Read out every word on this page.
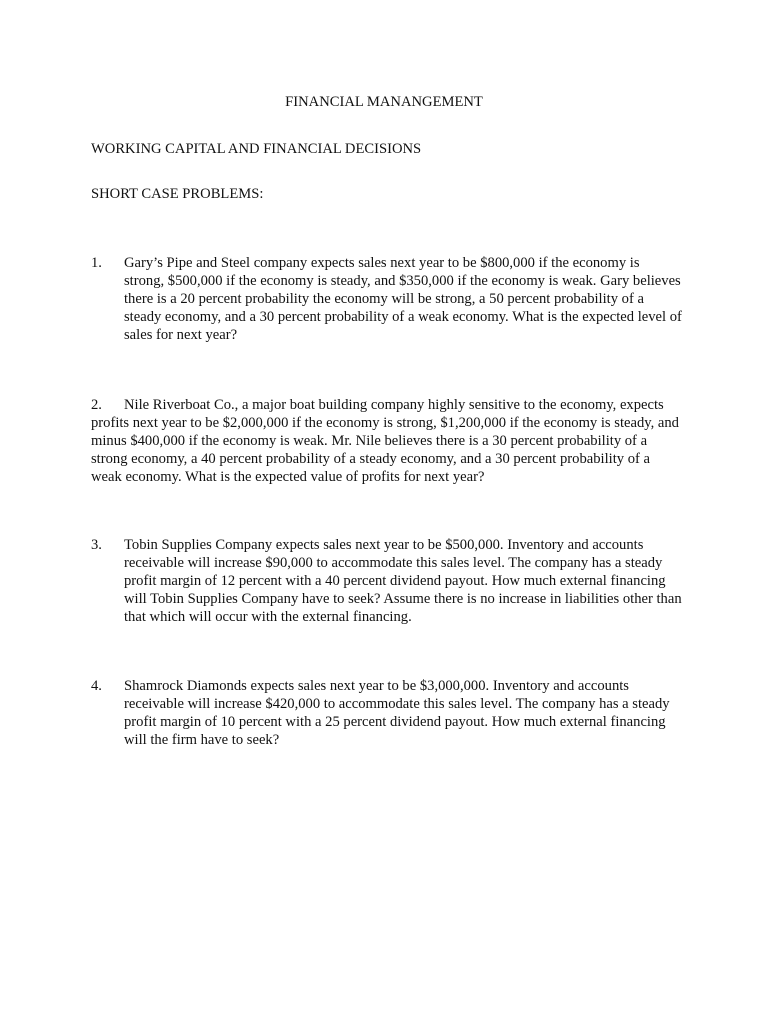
FINANCIAL MANANGEMENT

WORKING CAPITAL AND FINANCIAL DECISIONS

SHORT CASE PROBLEMS:

1. Gary’s Pipe and Steel company expects sales next year to be $800,000 if the economy is strong, $500,000 if the economy is steady, and $350,000 if the economy is weak. Gary believes there is a 20 percent probability the economy will be strong, a 50 percent probability of a steady economy, and a 30 percent probability of a weak economy. What is the expected level of sales for next year?
2. Nile Riverboat Co., a major boat building company highly sensitive to the economy, expects profits next year to be $2,000,000 if the economy is strong, $1,200,000 if the economy is steady, and minus $400,000 if the economy is weak. Mr. Nile believes there is a 30 percent probability of a strong economy, a 40 percent probability of a steady economy, and a 30 percent probability of a weak economy. What is the expected value of profits for next year?
3. Tobin Supplies Company expects sales next year to be $500,000. Inventory and accounts receivable will increase $90,000 to accommodate this sales level. The company has a steady profit margin of 12 percent with a 40 percent dividend payout. How much external financing will Tobin Supplies Company have to seek? Assume there is no increase in liabilities other than that which will occur with the external financing.
4. Shamrock Diamonds expects sales next year to be $3,000,000. Inventory and accounts receivable will increase $420,000 to accommodate this sales level. The company has a steady profit margin of 10 percent with a 25 percent dividend payout. How much external financing will the firm have to seek?
